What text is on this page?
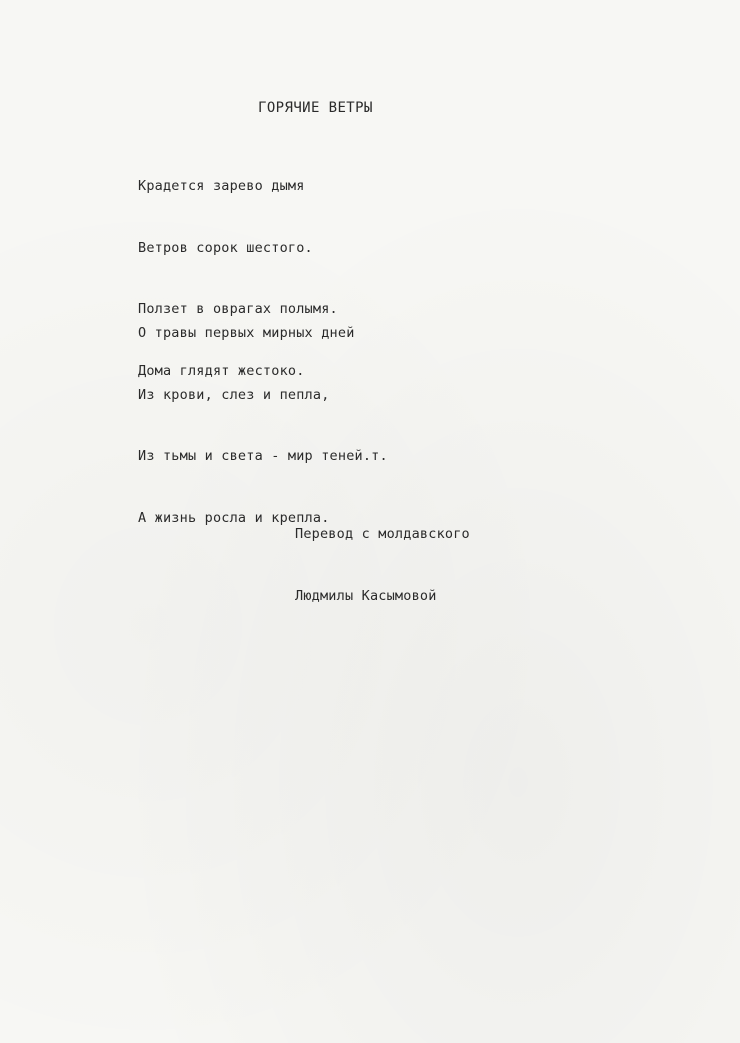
ГОРЯЧИЕ ВЕТРЫ

Крадется зарево дымя

Ветров сорок шестого.

Ползет в оврагах полымя.

Дома глядят жестоко.

О травы первых мирных дней

Из крови, слез и пепла,

Из тьмы и света - мир теней.т.

А жизнь росла и крепла.

Перевод с молдавского

Людмилы Касымовой
